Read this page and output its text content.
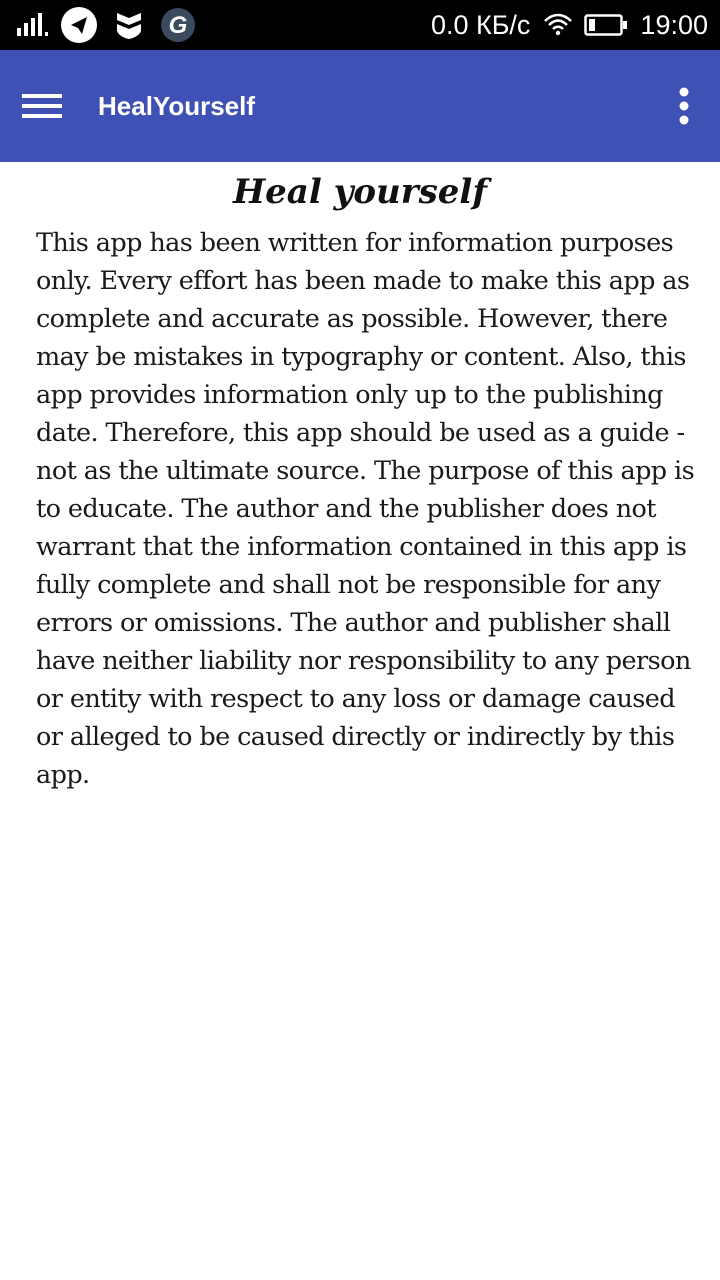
G	0.0 КБ/с	19:00
HealYourself
Heal yourself
This app has been written for information purposes only. Every effort has been made to make this app as complete and accurate as possible. However, there may be mistakes in typography or content. Also, this app provides information only up to the publishing date. Therefore, this app should be used as a guide - not as the ultimate source. The purpose of this app is to educate. The author and the publisher does not warrant that the information contained in this app is fully complete and shall not be responsible for any errors or omissions. The author and publisher shall have neither liability nor responsibility to any person or entity with respect to any loss or damage caused or alleged to be caused directly or indirectly by this app.
